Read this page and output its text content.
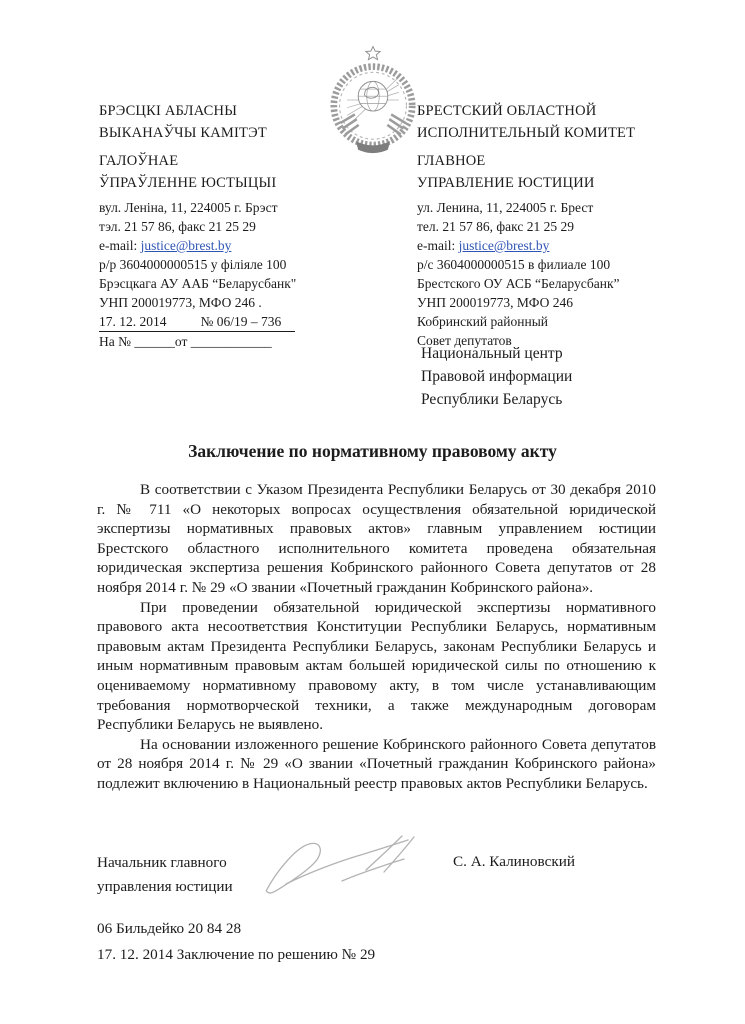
БРЭСЦКІ АБЛАСНЫ
ВЫКАНАЎЧЫ КАМІТЭТ
ГАЛОЎНАЕ
ЎПРАЎЛЕННЕ ЮСТЫЦЫІ
вул. Леніна, 11, 224005 г. Брэст
тэл. 21 57 86, факс 21 25 29
e-mail: justice@brest.by
р/р 3604000000515 у філіяле 100
Брэсцкага АУ ААБ “Беларусбанк"
УНП 200019773, МФО 246 .
17. 12. 2014	№ 06/19 – 736
На № ______от ____________
БРЕСТСКИЙ ОБЛАСТНОЙ
ИСПОЛНИТЕЛЬНЫЙ КОМИТЕТ
ГЛАВНОЕ
УПРАВЛЕНИЕ ЮСТИЦИИ
ул. Ленина, 11, 224005 г. Брест
тел. 21 57 86, факс 21 25 29
e-mail: justice@brest.by
р/с 3604000000515 в филиале 100
Брестского ОУ АСБ “Беларусбанк”
УНП 200019773, МФО 246
Кобринский районный
Совет депутатов
Национальный центр
Правовой информации
Республики Беларусь
Заключение по нормативному правовому акту

В соответствии с Указом Президента Республики Беларусь от 30 декабря 2010 г. № 711 «О некоторых вопросах осуществления обязательной юридической экспертизы нормативных правовых актов» главным управлением юстиции Брестского областного исполнительного комитета проведена обязательная юридическая экспертиза решения Кобринского районного Совета депутатов от 28 ноября 2014 г. № 29 «О звании «Почетный гражданин Кобринского района».

При проведении обязательной юридической экспертизы нормативного правового акта несоответствия Конституции Республики Беларусь, нормативным правовым актам Президента Республики Беларусь, законам Республики Беларусь и иным нормативным правовым актам большей юридической силы по отношению к оцениваемому нормативному правовому акту, в том числе устанавливающим требования нормотворческой техники, а также международным договорам Республики Беларусь не выявлено.

На основании изложенного решение Кобринского районного Совета депутатов от 28 ноября 2014 г. № 29 «О звании «Почетный гражданин Кобринского района» подлежит включению в Национальный реестр правовых актов Республики Беларусь.

Начальник главного
управления юстиции
С. А. Калиновский
06 Бильдейко 20 84 28
17. 12. 2014 Заключение по решению № 29
